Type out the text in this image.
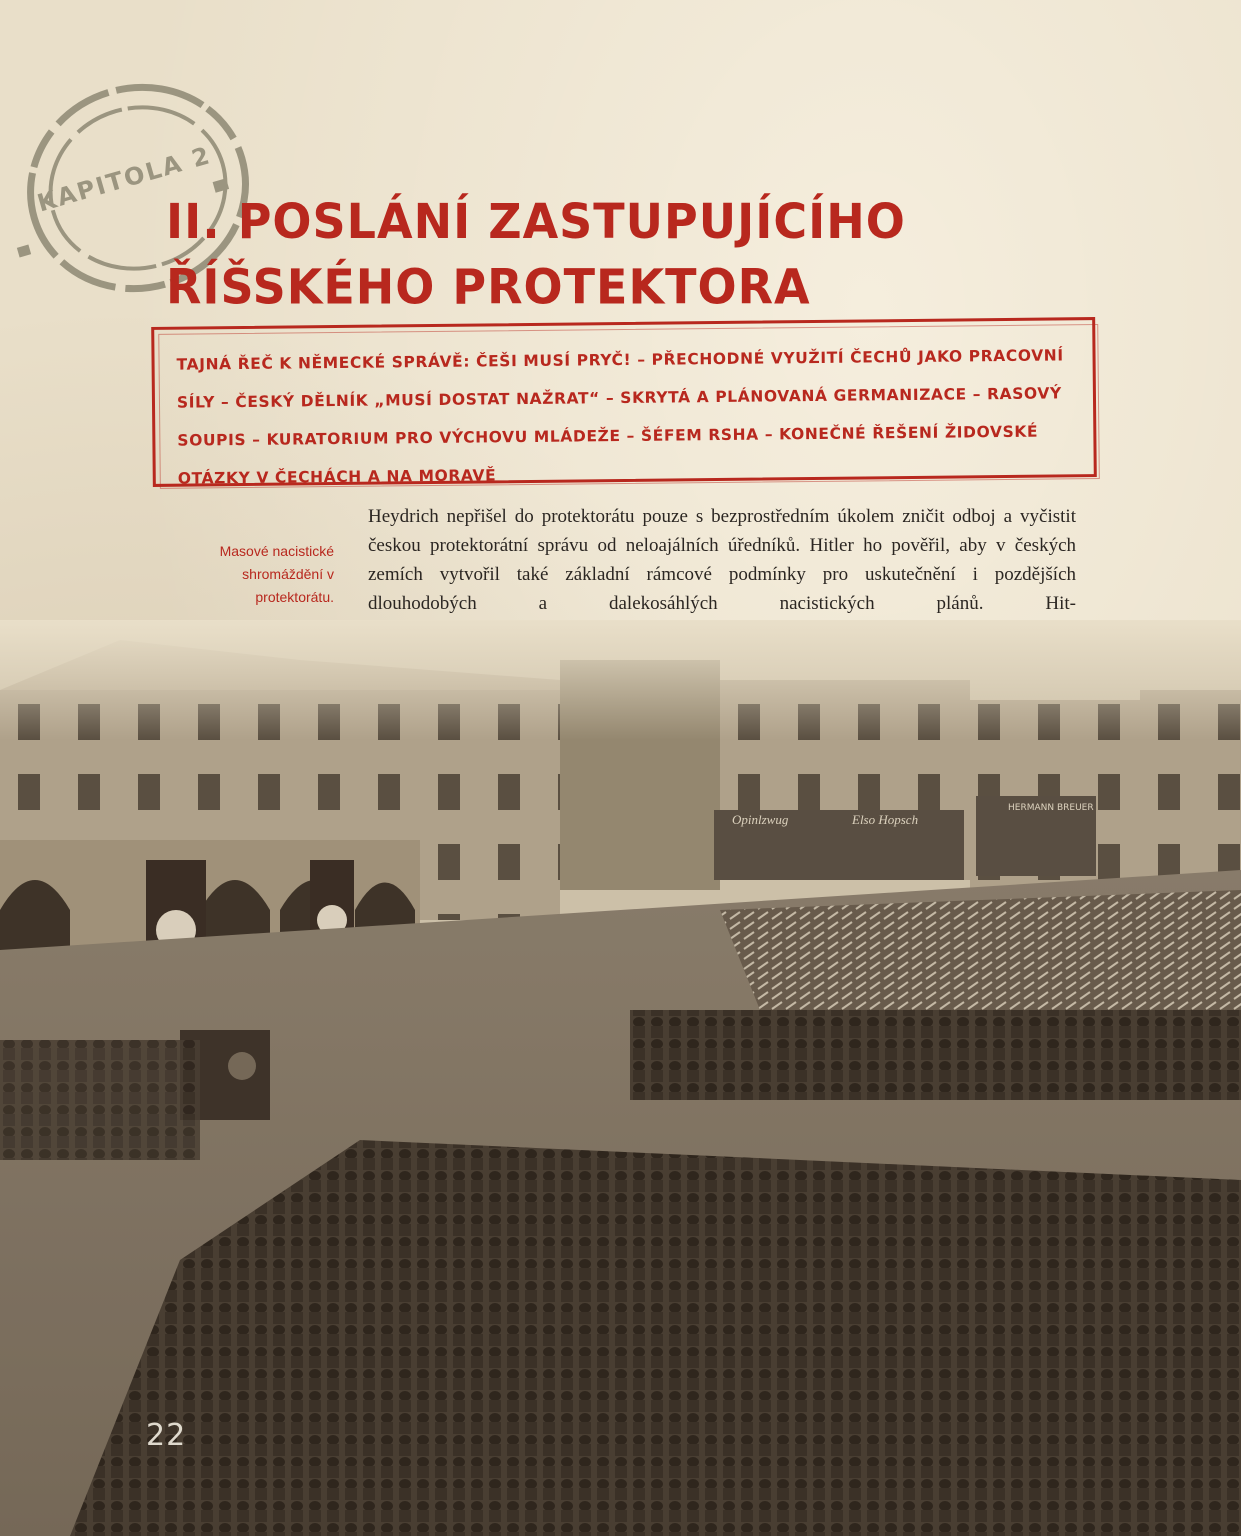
KAPITOLA 2
II. POSLÁNÍ ZASTUPUJÍCÍHO ŘÍŠSKÉHO PROTEKTORA

TAJNÁ ŘEČ K NĚMECKÉ SPRÁVĚ: ČEŠI MUSÍ PRYČ! – PŘECHODNÉ VYUŽITÍ ČECHŮ JAKO PRACOVNÍ SÍLY – ČESKÝ DĚLNÍK „MUSÍ DOSTAT NAŽRAT“ – SKRYTÁ A PLÁNOVANÁ GERMANIZACE – RASOVÝ SOUPIS – KURATORIUM PRO VÝCHOVU MLÁDEŽE – ŠÉFEM RSHA – KONEČNÉ ŘEŠENÍ ŽIDOVSKÉ OTÁZKY V ČECHÁCH A NA MORAVĚ

Masové nacistické shromáždění v protektorátu.

Heydrich nepřišel do protektorátu pouze s bezprostředním úkolem zničit odboj a vyčistit českou protektorátní správu od neloajálních úředníků. Hitler ho pověřil, aby v českých zemích vytvořil také základní rámcové podmínky pro uskutečnění i pozdějších dlouhodobých a dalekosáhlých nacistických plánů. Hit-

Opinlzwug	Elso Hopsch
HERMANN BREUER
22
